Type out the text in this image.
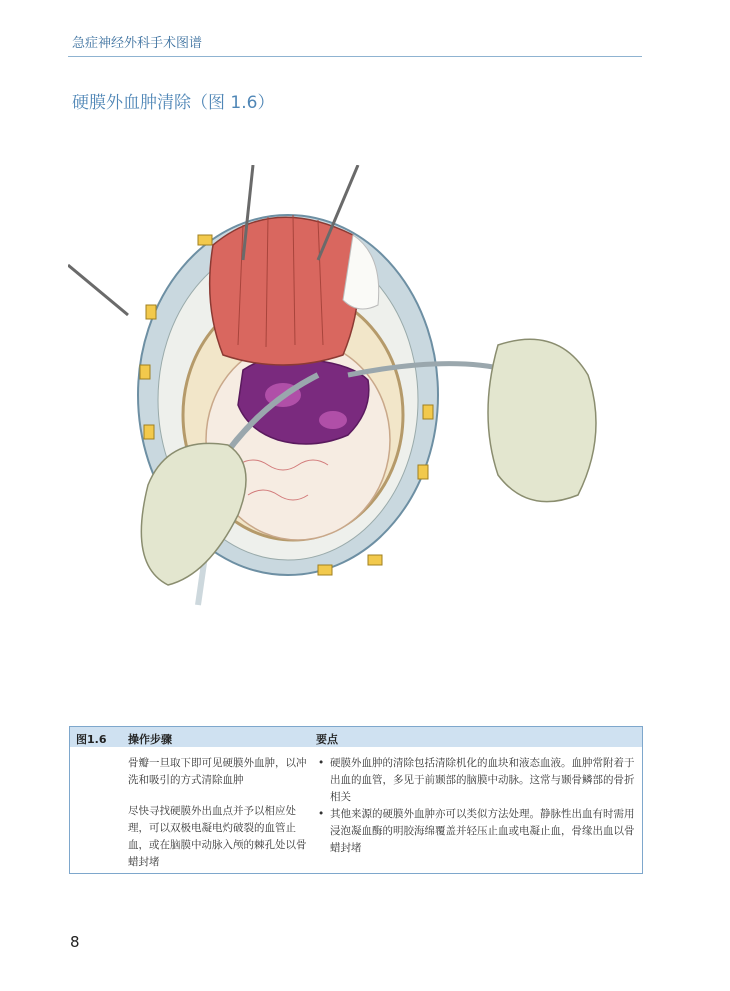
急症神经外科手术图谱
硬膜外血肿清除（图 1.6）
图1.6 操作步骤	要点

骨瓣一旦取下即可见硬膜外血肿，以冲洗和吸引的方式清除血肿

尽快寻找硬膜外出血点并予以相应处理，可以双极电凝电灼破裂的血管止血，或在脑膜中动脉入颅的棘孔处以骨蜡封堵

• 硬膜外血肿的清除包括清除机化的血块和液态血液。血肿常附着于出血的血管，多见于前颞部的脑膜中动脉。这常与颞骨鳞部的骨折相关
• 其他来源的硬膜外血肿亦可以类似方法处理。静脉性出血有时需用浸泡凝血酶的明胶海绵覆盖并轻压止血或电凝止血，骨缘出血以骨蜡封堵
8
